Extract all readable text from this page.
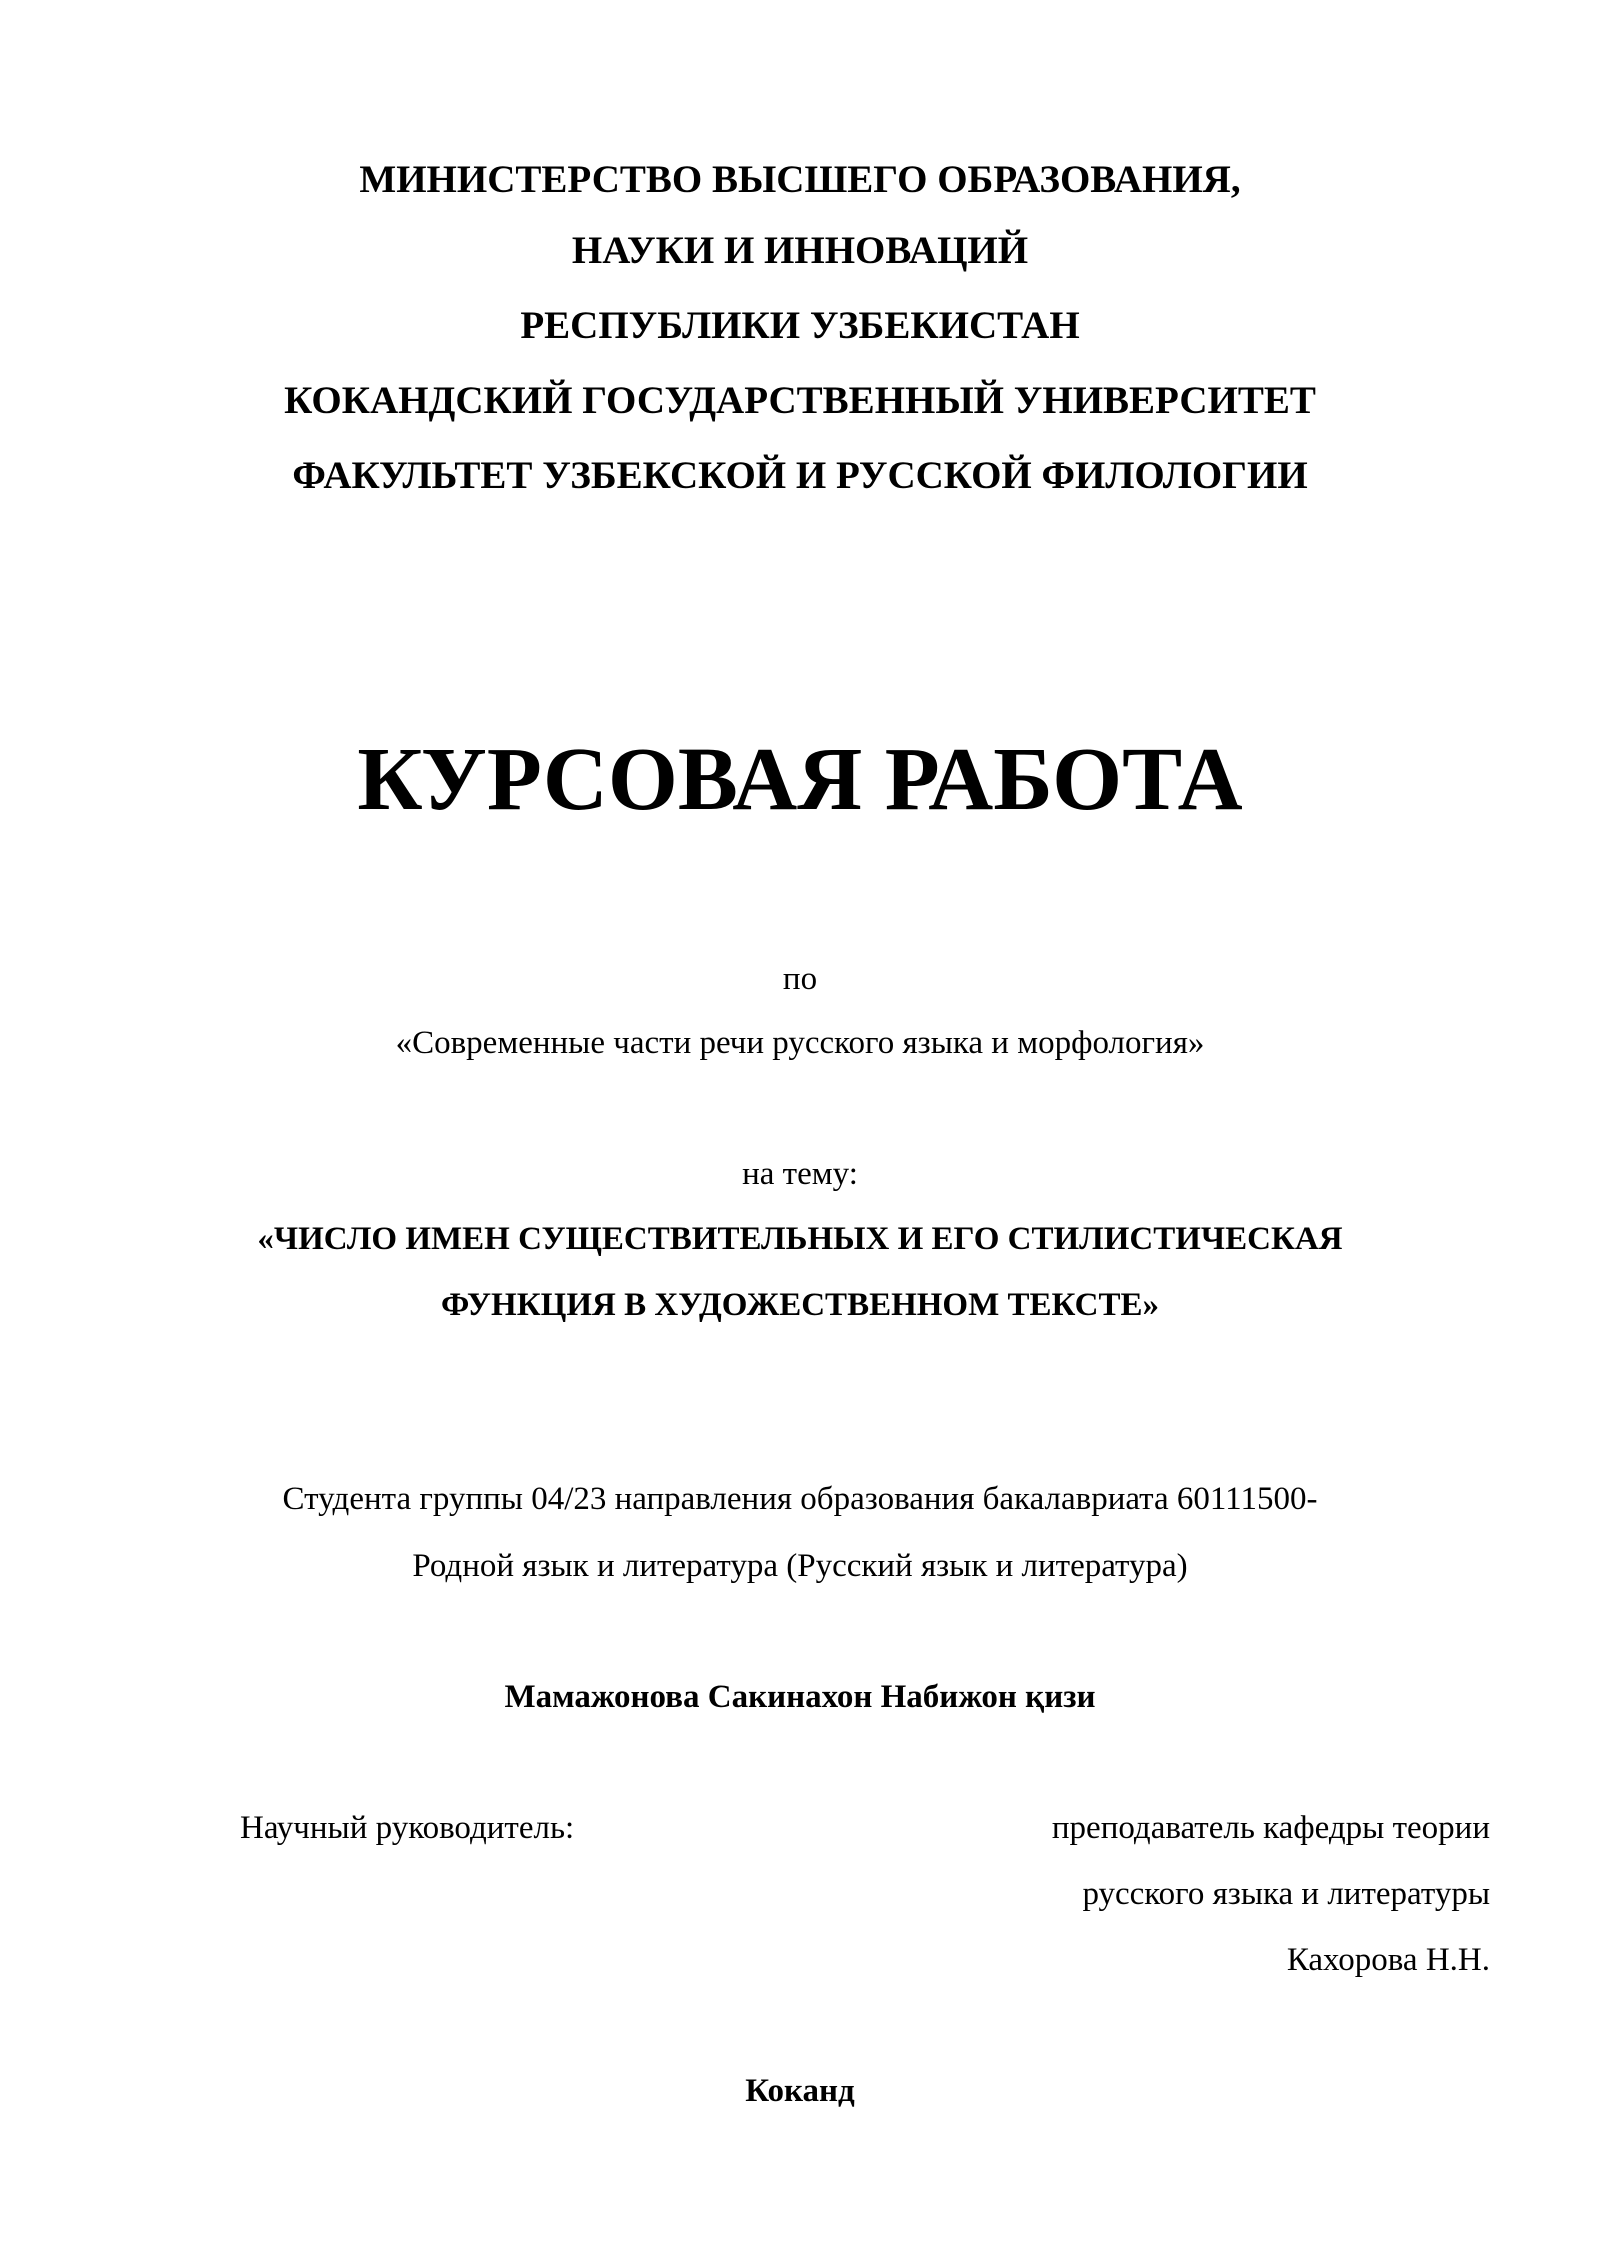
МИНИСТЕРСТВО ВЫСШЕГО ОБРАЗОВАНИЯ,
НАУКИ И ИННОВАЦИЙ
РЕСПУБЛИКИ УЗБЕКИСТАН
КОКАНДСКИЙ ГОСУДАРСТВЕННЫЙ УНИВЕРСИТЕТ
ФАКУЛЬТЕТ УЗБЕКСКОЙ И РУССКОЙ ФИЛОЛОГИИ
КУРСОВАЯ РАБОТА
по
«Современные части речи русского языка и морфология»
на тему:
«ЧИСЛО ИМЕН СУЩЕСТВИТЕЛЬНЫХ И ЕГО СТИЛИСТИЧЕСКАЯ
ФУНКЦИЯ В ХУДОЖЕСТВЕННОМ ТЕКСТЕ»
Студента группы 04/23 направления образования бакалавриата 60111500-
Родной язык и литература (Русский язык и литература)
Мамажонова Сакинахон Набижон қизи
Научный руководитель:	преподаватель кафедры теории
русского языка и литературы
Кахорова Н.Н.
Коканд
